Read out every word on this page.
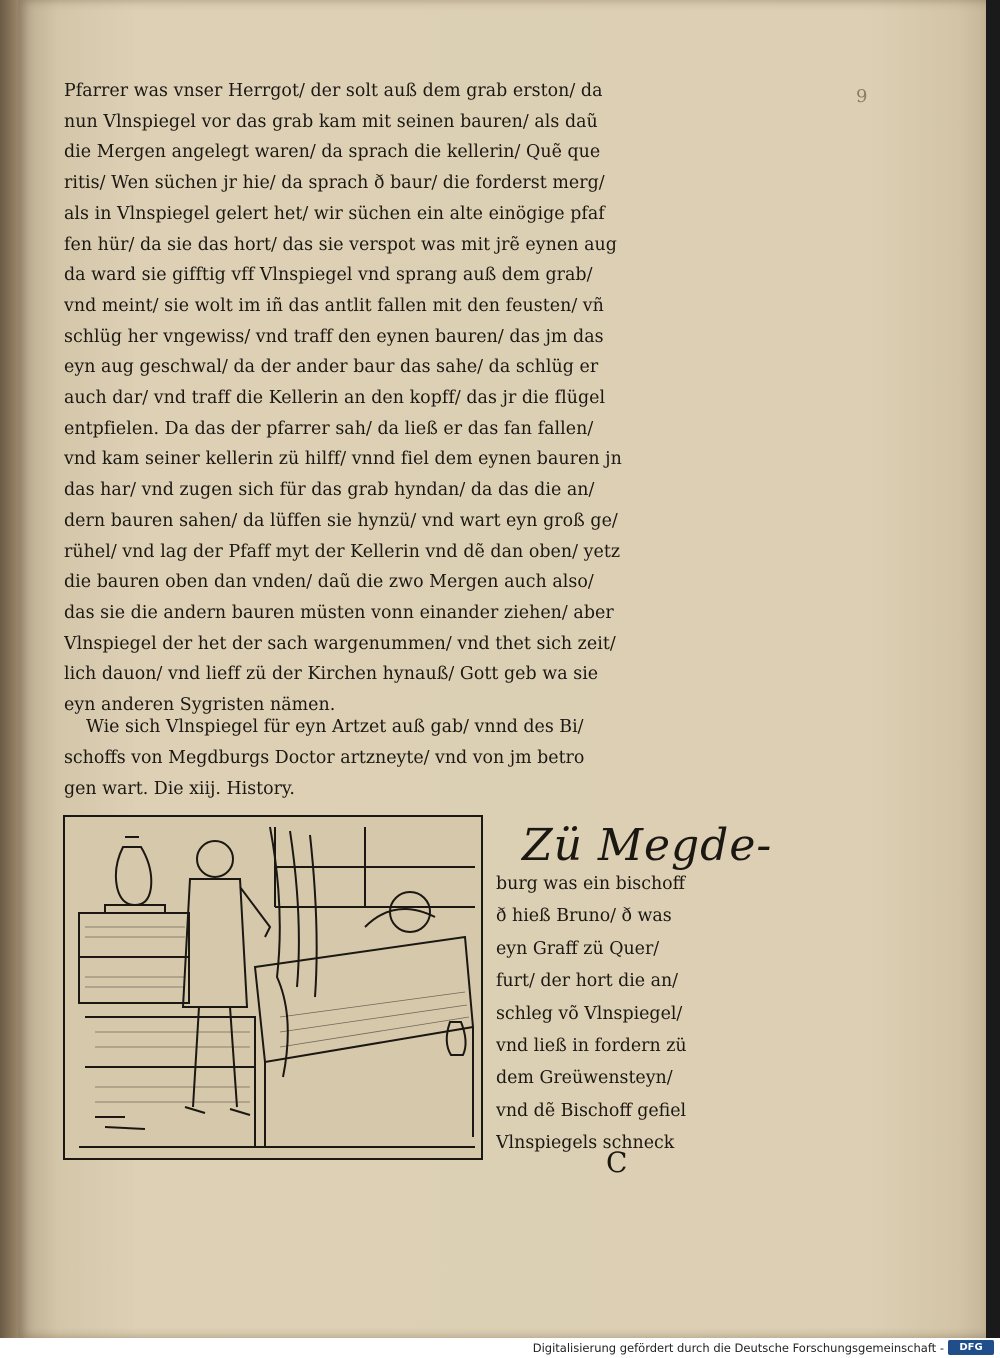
9
Pfarrer was vnser Herrgot/ der solt auß dem grab erston/ da
nun Vlnspiegel vor das grab kam mit seinen bauren/ als daũ
die Mergen angelegt waren/ da sprach die kellerin/ Quẽ que
ritis/ Wen süchen jr hie/ da sprach ð baur/ die forderst merg/
als in Vlnspiegel gelert het/ wir süchen ein alte einögige pfaf
fen hür/ da sie das hort/ das sie verspot was mit jrẽ eynen aug
da ward sie gifftig vff Vlnspiegel vnd sprang auß dem grab/
vnd meint/ sie wolt im iñ das antlit fallen mit den feusten/ vñ
schlüg her vngewiss/ vnd traff den eynen bauren/ das jm das
eyn aug geschwal/ da der ander baur das sahe/ da schlüg er
auch dar/ vnd traff die Kellerin an den kopff/ das jr die flügel
entpfielen. Da das der pfarrer sah/ da ließ er das fan fallen/
vnd kam seiner kellerin zü hilff/ vnnd fiel dem eynen bauren jn
das har/ vnd zugen sich für das grab hyndan/ da das die an/
dern bauren sahen/ da lüffen sie hynzü/ vnd wart eyn groß ge/
rühel/ vnd lag der Pfaff myt der Kellerin vnd dẽ dan oben/ yetz
die bauren oben dan vnden/ daũ die zwo Mergen auch also/
das sie die andern bauren müsten vonn einander ziehen/ aber
Vlnspiegel der het der sach wargenummen/ vnd thet sich zeit/
lich dauon/ vnd lieff zü der Kirchen hynauß/ Gott geb wa sie
eyn anderen Sygristen nämen.
Wie sich Vlnspiegel für eyn Artzet auß gab/ vnnd des Bi/
schoffs von Megdburgs Doctor artzneyte/ vnd von jm betro
gen wart. Die xiij. History.
Zü Megde-
burg was ein bischoff
ð hieß Bruno/ ð was
eyn Graff zü Quer/
furt/ der hort die an/
schleg võ Vlnspiegel/
vnd ließ in fordern zü
dem Greüwensteyn/
vnd dẽ Bischoff gefiel
Vlnspiegels schneck
C
Digitalisierung gefördert durch die Deutsche Forschungsgemeinschaft -	DFG
